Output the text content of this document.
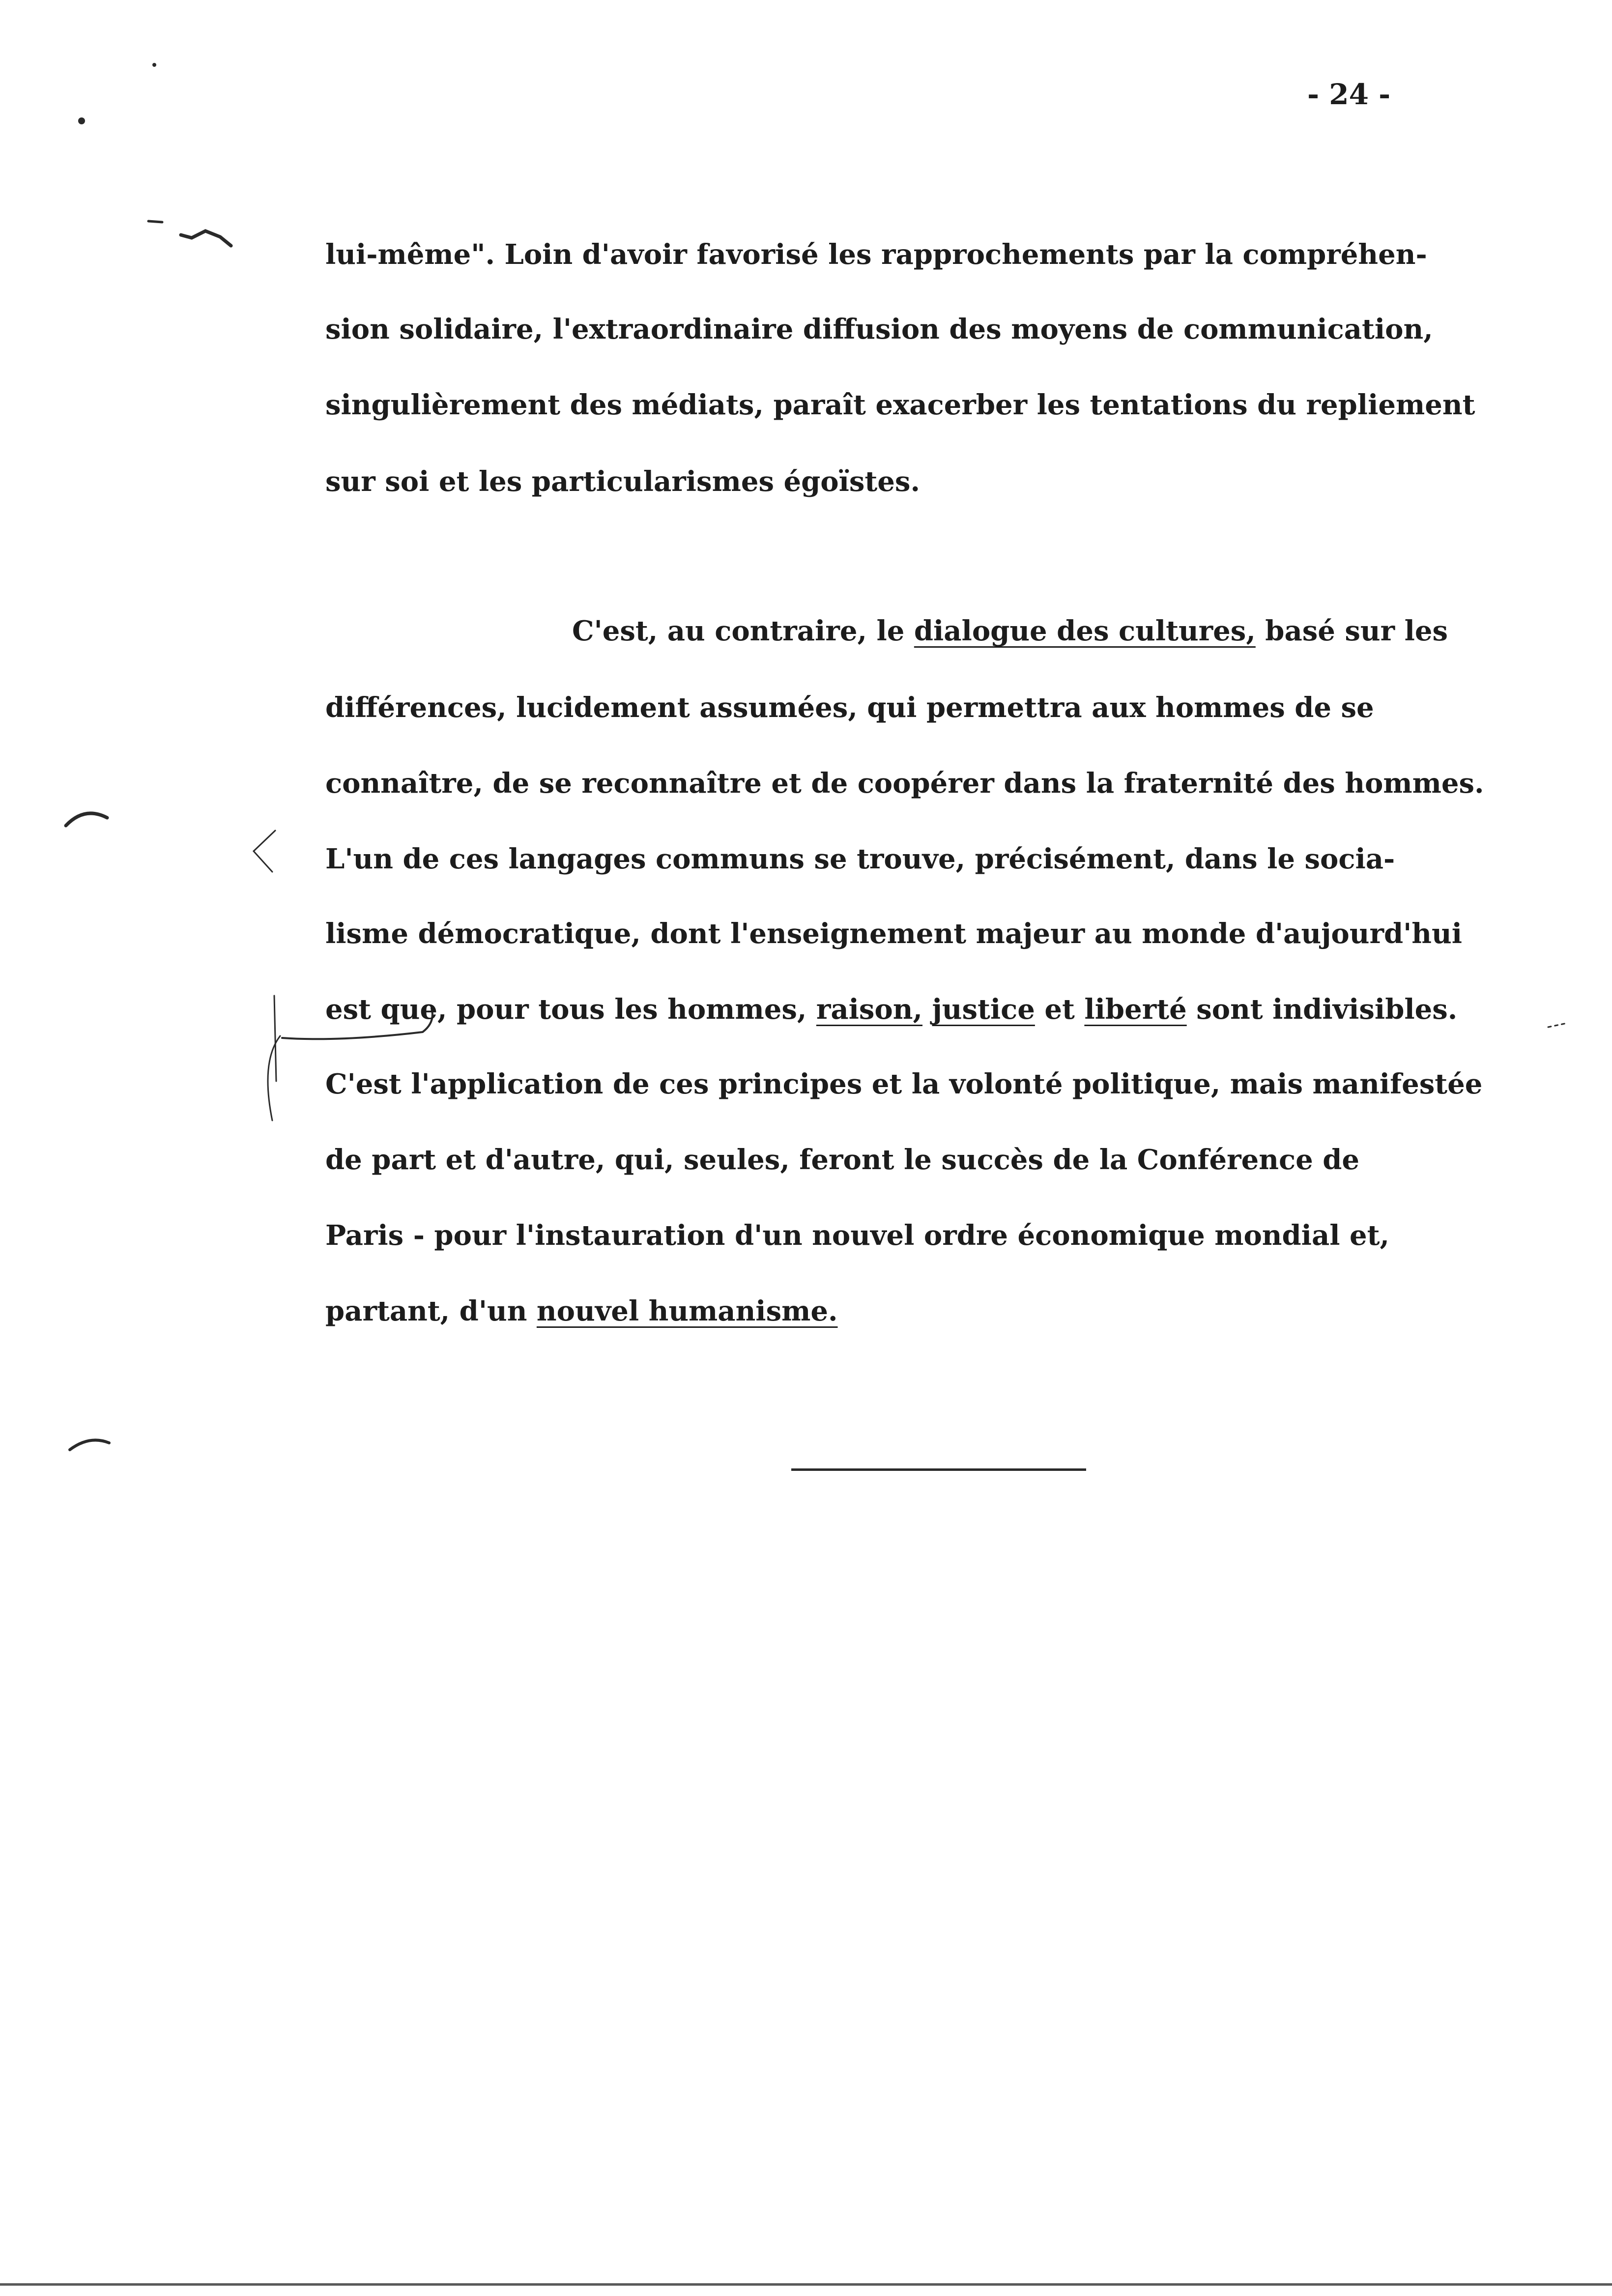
- 24 -
lui-même". Loin d'avoir favorisé les rapprochements par la compréhen-
sion solidaire, l'extraordinaire diffusion des moyens de communication,
singulièrement des médiats, paraît exacerber les tentations du repliement
sur soi et les particularismes égoïstes.
C'est, au contraire, le dialogue des cultures, basé sur les
différences, lucidement assumées, qui permettra aux hommes de se
connaître, de se reconnaître et de coopérer dans la fraternité des hommes.
L'un de ces langages communs se trouve, précisément, dans le socia-
lisme démocratique, dont l'enseignement majeur au monde d'aujourd'hui
est que, pour tous les hommes, raison, justice et liberté sont indivisibles.
C'est l'application de ces principes et la volonté politique, mais manifestée
de part et d'autre, qui, seules, feront le succès de la Conférence de
Paris - pour l'instauration d'un nouvel ordre économique mondial et,
partant, d'un nouvel humanisme.
